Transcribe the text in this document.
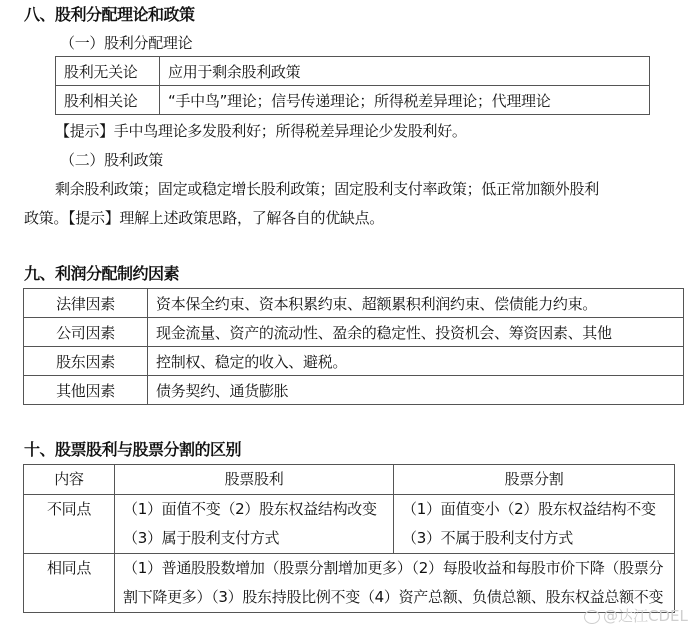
八、股利分配理论和政策
（一）股利分配理论
股利无关论	应用于剩余股利政策
股利相关论	“手中鸟”理论；信号传递理论；所得税差异理论；代理理论
【提示】手中鸟理论多发股利好；所得税差异理论少发股利好。
（二）股利政策
剩余股利政策；固定或稳定增长股利政策；固定股利支付率政策；低正常加额外股利
政策。【提示】理解上述政策思路，了解各自的优缺点。
九、利润分配制约因素
法律因素	资本保全约束、资本积累约束、超额累积利润约束、偿债能力约束。
公司因素	现金流量、资产的流动性、盈余的稳定性、投资机会、筹资因素、其他
股东因素	控制权、稳定的收入、避税。
其他因素	债务契约、通货膨胀
十、股票股利与股票分割的区别
内容	股票股利	股票分割
不同点	（1）面值不变（2）股东权益结构改变（3）属于股利支付方式	（1）面值变小（2）股东权益结构不变（3）不属于股利支付方式
相同点	（1）普通股股数增加（股票分割增加更多）（2）每股收益和每股市价下降（股票分割下降更多）（3）股东持股比例不变（4）资产总额、负债总额、股东权益总额不变	
@达江CDEL
